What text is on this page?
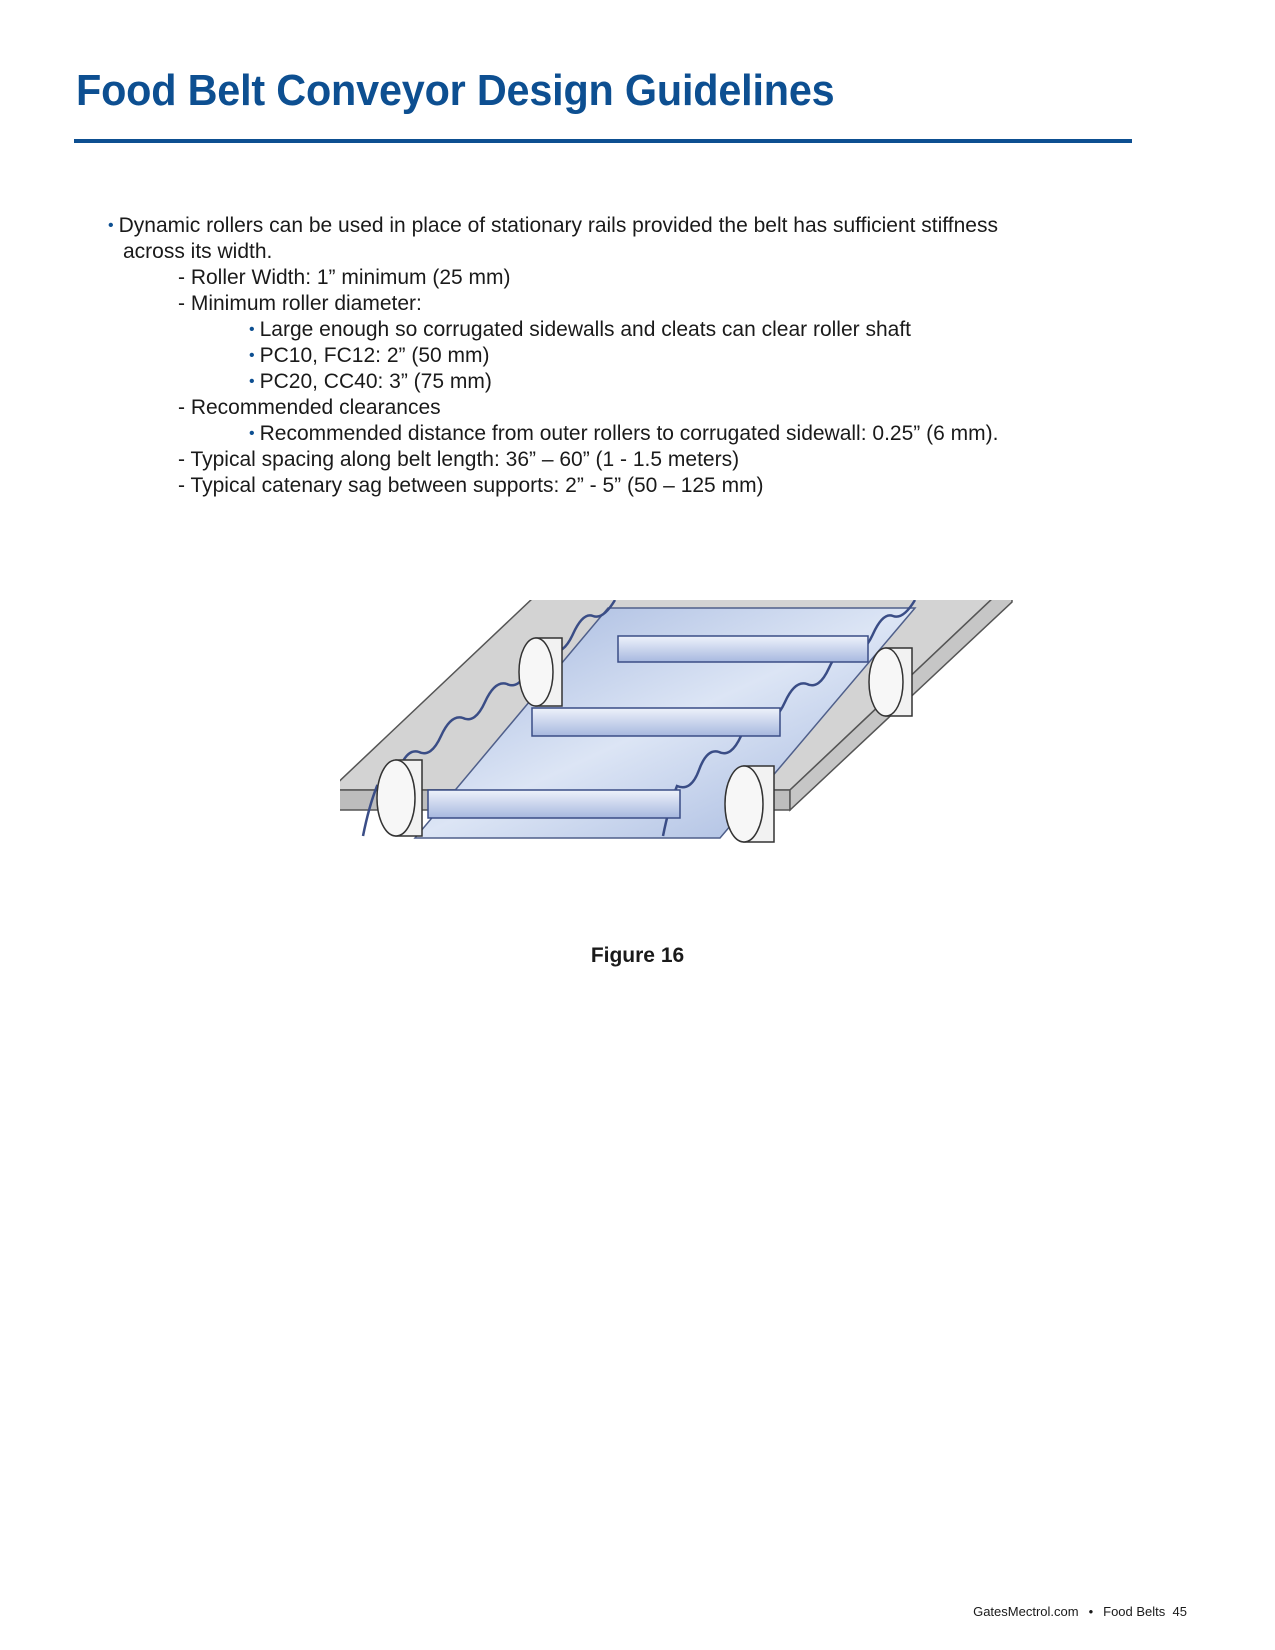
Food Belt Conveyor Design Guidelines
• Dynamic rollers can be used in place of stationary rails provided the belt has sufficient stiffness
across its width.
- Roller Width: 1” minimum (25 mm)
- Minimum roller diameter:
• Large enough so corrugated sidewalls and cleats can clear roller shaft
• PC10, FC12: 2” (50 mm)
• PC20, CC40: 3” (75 mm)
- Recommended clearances
• Recommended distance from outer rollers to corrugated sidewall: 0.25” (6 mm).
- Typical spacing along belt length: 36” – 60” (1 - 1.5 meters)
- Typical catenary sag between supports: 2” - 5” (50 – 125 mm)
Figure 16
GatesMectrol.com • Food Belts 45
